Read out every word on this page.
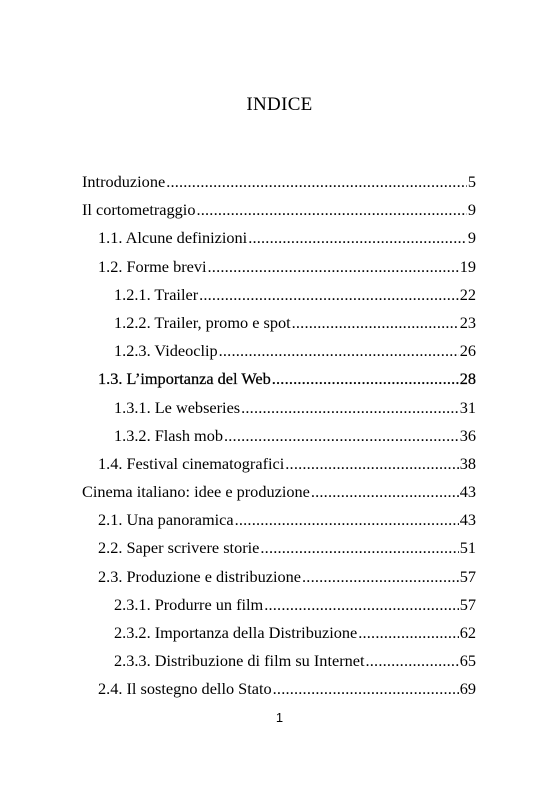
INDICE
Introduzione .....	5
Il cortometraggio .....	9
1.1. Alcune definizioni .....	9
1.2. Forme brevi .....	19
1.2.1. Trailer .....	22
1.2.2. Trailer, promo e spot .....	23
1.2.3. Videoclip .....	26
1.3. L’importanza del Web .....	28
1.3.1. Le webseries .....	31
1.3.2. Flash mob .....	36
1.4. Festival cinematografici .....	38
Cinema italiano: idee e produzione .....	43
2.1. Una panoramica .....	43
2.2. Saper scrivere storie .....	51
2.3. Produzione e distribuzione .....	57
2.3.1. Produrre un film .....	57
2.3.2. Importanza della Distribuzione .....	62
2.3.3. Distribuzione di film su Internet .....	65
2.4. Il sostegno dello Stato .....	69
1
